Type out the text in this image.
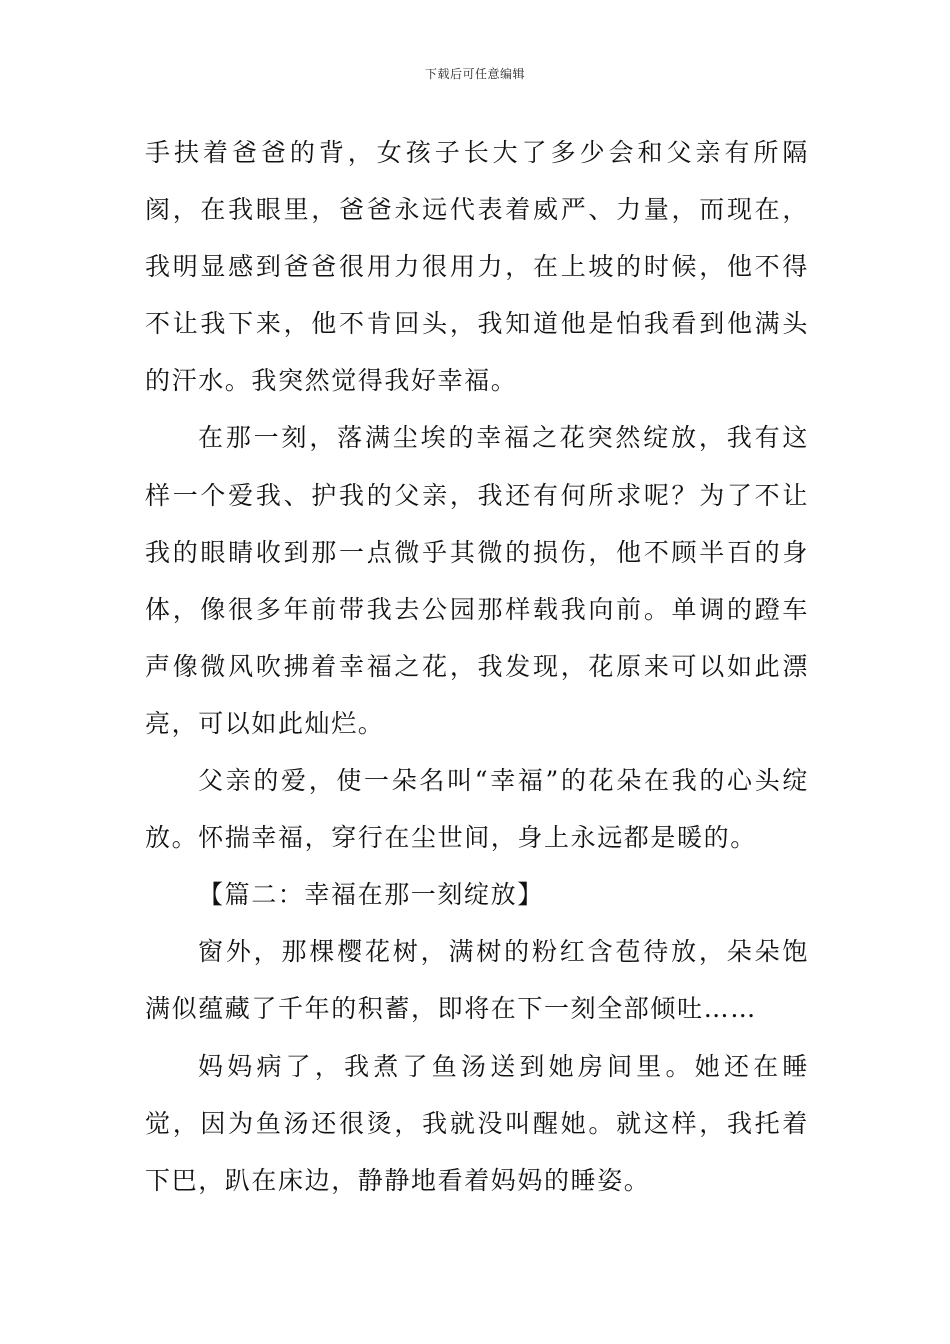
下载后可任意编辑

手扶着爸爸的背，女孩子长大了多少会和父亲有所隔阂，在我眼里，爸爸永远代表着威严、力量，而现在，我明显感到爸爸很用力很用力，在上坡的时候，他不得不让我下来，他不肯回头，我知道他是怕我看到他满头的汗水。我突然觉得我好幸福。

在那一刻，落满尘埃的幸福之花突然绽放，我有这样一个爱我、护我的父亲，我还有何所求呢？为了不让我的眼睛收到那一点微乎其微的损伤，他不顾半百的身体，像很多年前带我去公园那样载我向前。单调的蹬车声像微风吹拂着幸福之花，我发现，花原来可以如此漂亮，可以如此灿烂。

父亲的爱，使一朵名叫“幸福”的花朵在我的心头绽放。怀揣幸福，穿行在尘世间，身上永远都是暖的。

【篇二：幸福在那一刻绽放】

窗外，那棵樱花树，满树的粉红含苞待放，朵朵饱满似蕴藏了千年的积蓄，即将在下一刻全部倾吐……

妈妈病了，我煮了鱼汤送到她房间里。她还在睡觉，因为鱼汤还很烫，我就没叫醒她。就这样，我托着下巴，趴在床边，静静地看着妈妈的睡姿。
